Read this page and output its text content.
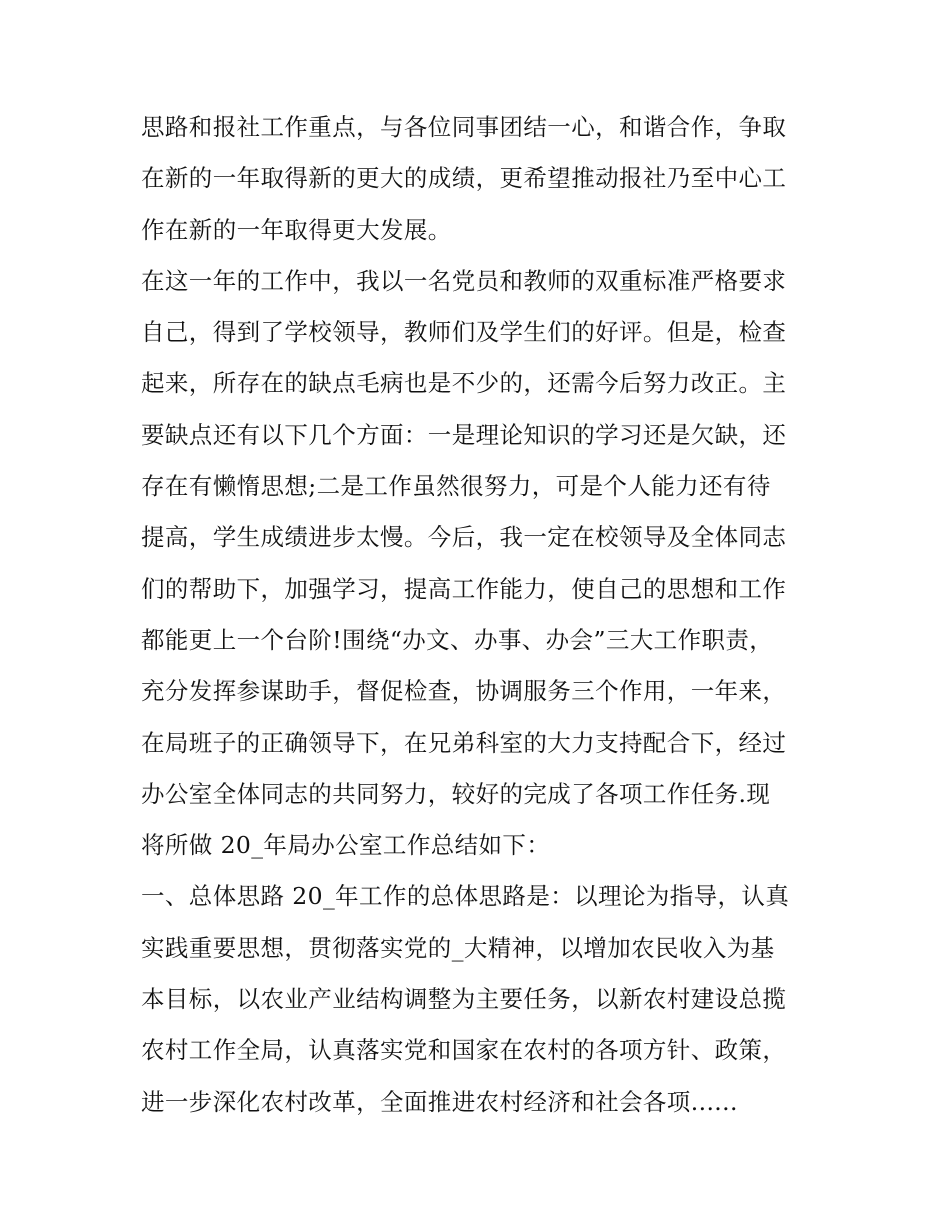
思路和报社工作重点，与各位同事团结一心，和谐合作，争取
在新的一年取得新的更大的成绩，更希望推动报社乃至中心工
作在新的一年取得更大发展。
在这一年的工作中，我以一名党员和教师的双重标准严格要求
自己，得到了学校领导，教师们及学生们的好评。但是，检查
起来，所存在的缺点毛病也是不少的，还需今后努力改正。主
要缺点还有以下几个方面：一是理论知识的学习还是欠缺，还
存在有懒惰思想;二是工作虽然很努力，可是个人能力还有待
提高，学生成绩进步太慢。今后，我一定在校领导及全体同志
们的帮助下，加强学习，提高工作能力，使自己的思想和工作
都能更上一个台阶!围绕“办文、办事、办会”三大工作职责，
充分发挥参谋助手，督促检查，协调服务三个作用，一年来，
在局班子的正确领导下，在兄弟科室的大力支持配合下，经过
办公室全体同志的共同努力，较好的完成了各项工作任务.现
将所做 20_年局办公室工作总结如下：
一、总体思路 20_年工作的总体思路是：以理论为指导，认真
实践重要思想，贯彻落实党的_大精神，以增加农民收入为基
本目标，以农业产业结构调整为主要任务，以新农村建设总揽
农村工作全局，认真落实党和国家在农村的各项方针、政策，
进一步深化农村改革，全面推进农村经济和社会各项......
